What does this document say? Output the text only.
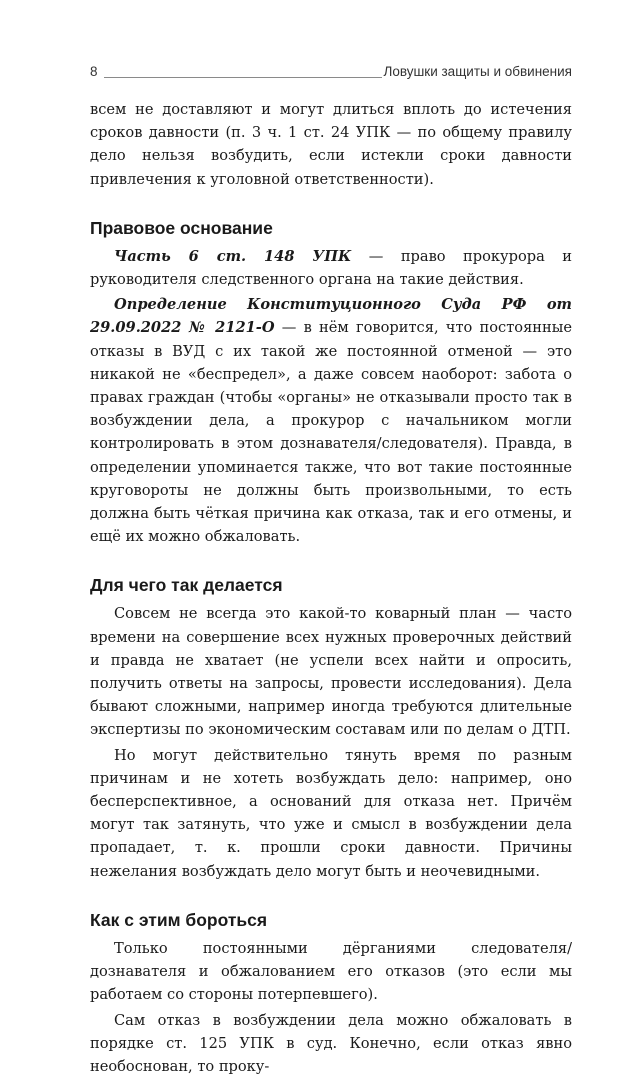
8	Ловушки защиты и обвинения

всем не доставляют и могут длиться вплоть до истечения сроков давности (п. 3 ч. 1 ст. 24 УПК — по общему правилу дело нельзя возбудить, если истекли сроки давности привлечения к уголовной ответственности).

Правовое основание

Часть 6 ст. 148 УПК — право прокурора и руководителя следственного органа на такие действия.

Определение Конституционного Суда РФ от 29.09.2022 № 2121-О — в нём говорится, что постоянные отказы в ВУД с их такой же постоянной отменой — это никакой не «беспредел», а даже совсем наоборот: забота о правах граждан (чтобы «органы» не отказывали просто так в возбуждении дела, а прокурор с начальником могли контролировать в этом дознавателя/следователя). Правда, в определении упоминается также, что вот такие постоянные круговороты не должны быть произвольными, то есть должна быть чёткая причина как отказа, так и его отмены, и ещё их можно обжаловать.

Для чего так делается

Совсем не всегда это какой-то коварный план — часто времени на совершение всех нужных проверочных действий и правда не хватает (не успели всех найти и опросить, получить ответы на запросы, провести исследования). Дела бывают сложными, например иногда требуются длительные экспертизы по экономическим составам или по делам о ДТП.

Но могут действительно тянуть время по разным причинам и не хотеть возбуждать дело: например, оно бесперспективное, а оснований для отказа нет. Причём могут так затянуть, что уже и смысл в возбуждении дела пропадает, т. к. прошли сроки давности. Причины нежелания возбуждать дело могут быть и неочевидными.

Как с этим бороться

Только постоянными дёрганиями следователя/дознавателя и обжалованием его отказов (это если мы работаем со стороны потерпевшего).

Сам отказ в возбуждении дела можно обжаловать в порядке ст. 125 УПК в суд. Конечно, если отказ явно необоснован, то проку-
